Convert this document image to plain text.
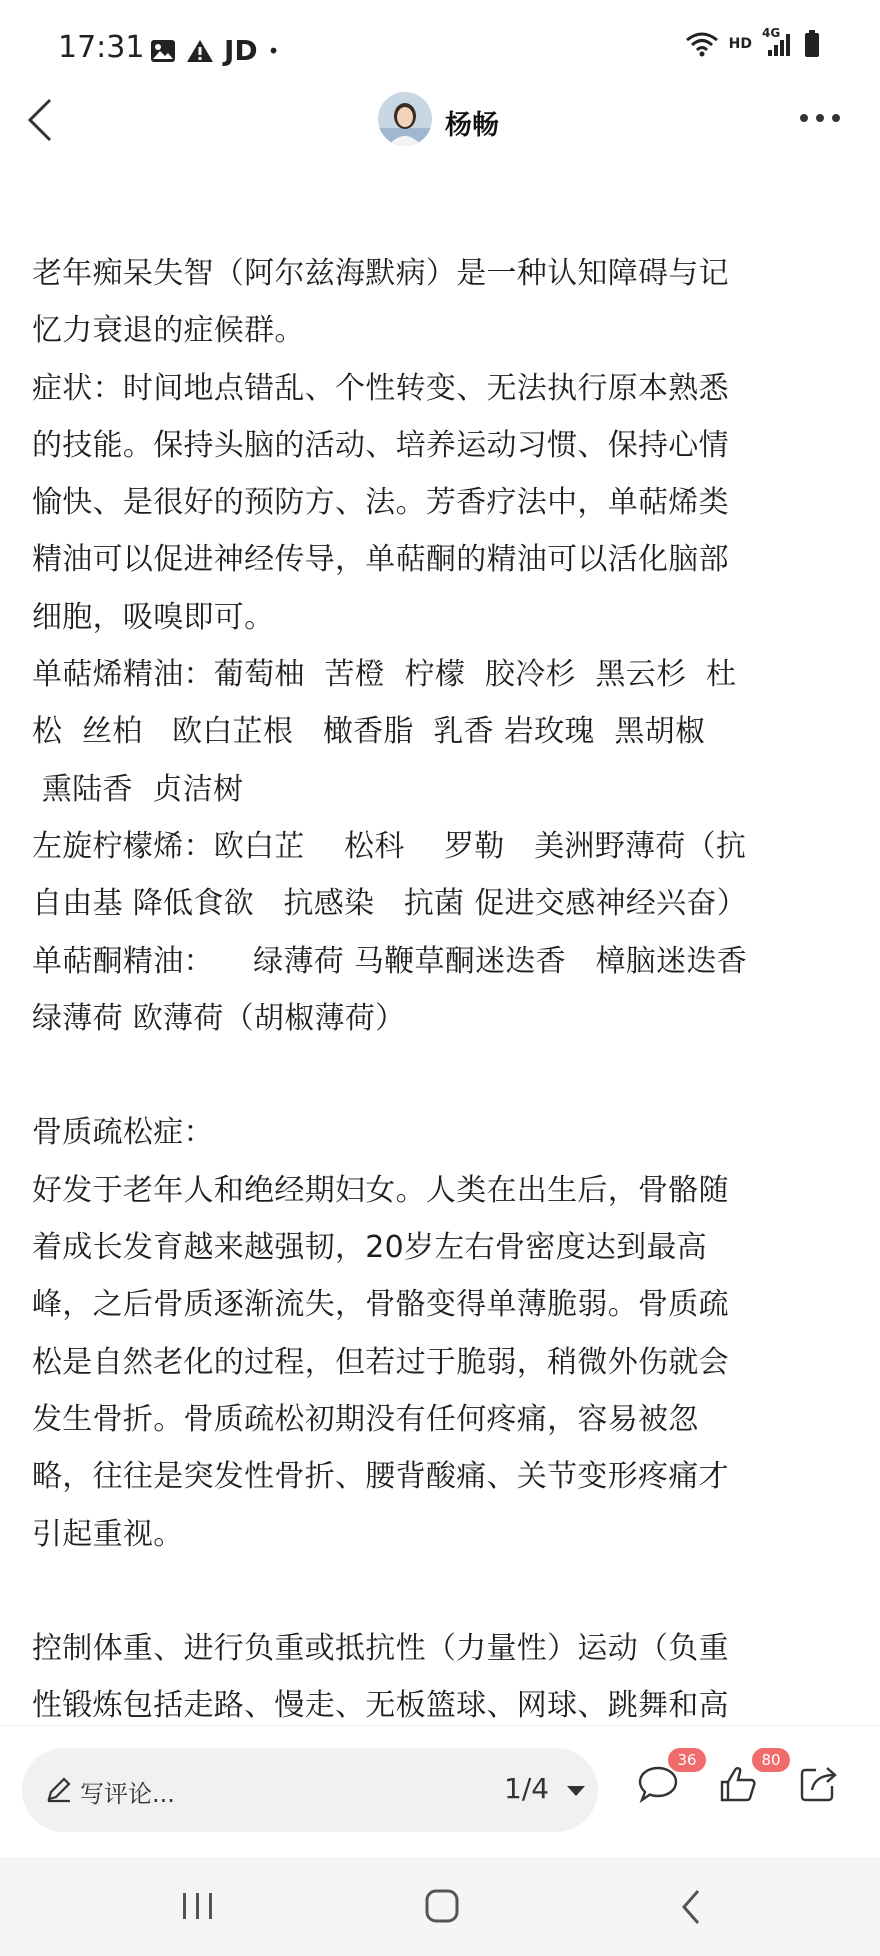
17:31	JD •	HD
4G
杨畅

老年痴呆失智（阿尔兹海默病）是一种认知障碍与记

忆力衰退的症候群。

症状：时间地点错乱、个性转变、无法执行原本熟悉

的技能。保持头脑的活动、培养运动习惯、保持心情

愉快、是很好的预防方、法。芳香疗法中，单萜烯类

精油可以促进神经传导，单萜酮的精油可以活化脑部

细胞，吸嗅即可。

单萜烯精油：葡萄柚  苦橙  柠檬  胶冷杉  黑云杉  杜

松  丝柏   欧白芷根   橄香脂  乳香 岩玫瑰  黑胡椒

熏陆香  贞洁树

左旋柠檬烯：欧白芷    松科    罗勒   美洲野薄荷（抗

自由基 降低食欲   抗感染   抗菌 促进交感神经兴奋）

单萜酮精油：    绿薄荷 马鞭草酮迷迭香   樟脑迷迭香

绿薄荷 欧薄荷（胡椒薄荷）

骨质疏松症：

好发于老年人和绝经期妇女。人类在出生后，骨骼随

着成长发育越来越强韧，20岁左右骨密度达到最高

峰，之后骨质逐渐流失，骨骼变得单薄脆弱。骨质疏

松是自然老化的过程，但若过于脆弱，稍微外伤就会

发生骨折。骨质疏松初期没有任何疼痛，容易被忽

略，往往是突发性骨折、腰背酸痛、关节变形疼痛才

引起重视。

控制体重、进行负重或抵抗性（力量性）运动（负重

性锻炼包括走路、慢走、无板篮球、网球、跳舞和高

写评论...	1/4
36	80
